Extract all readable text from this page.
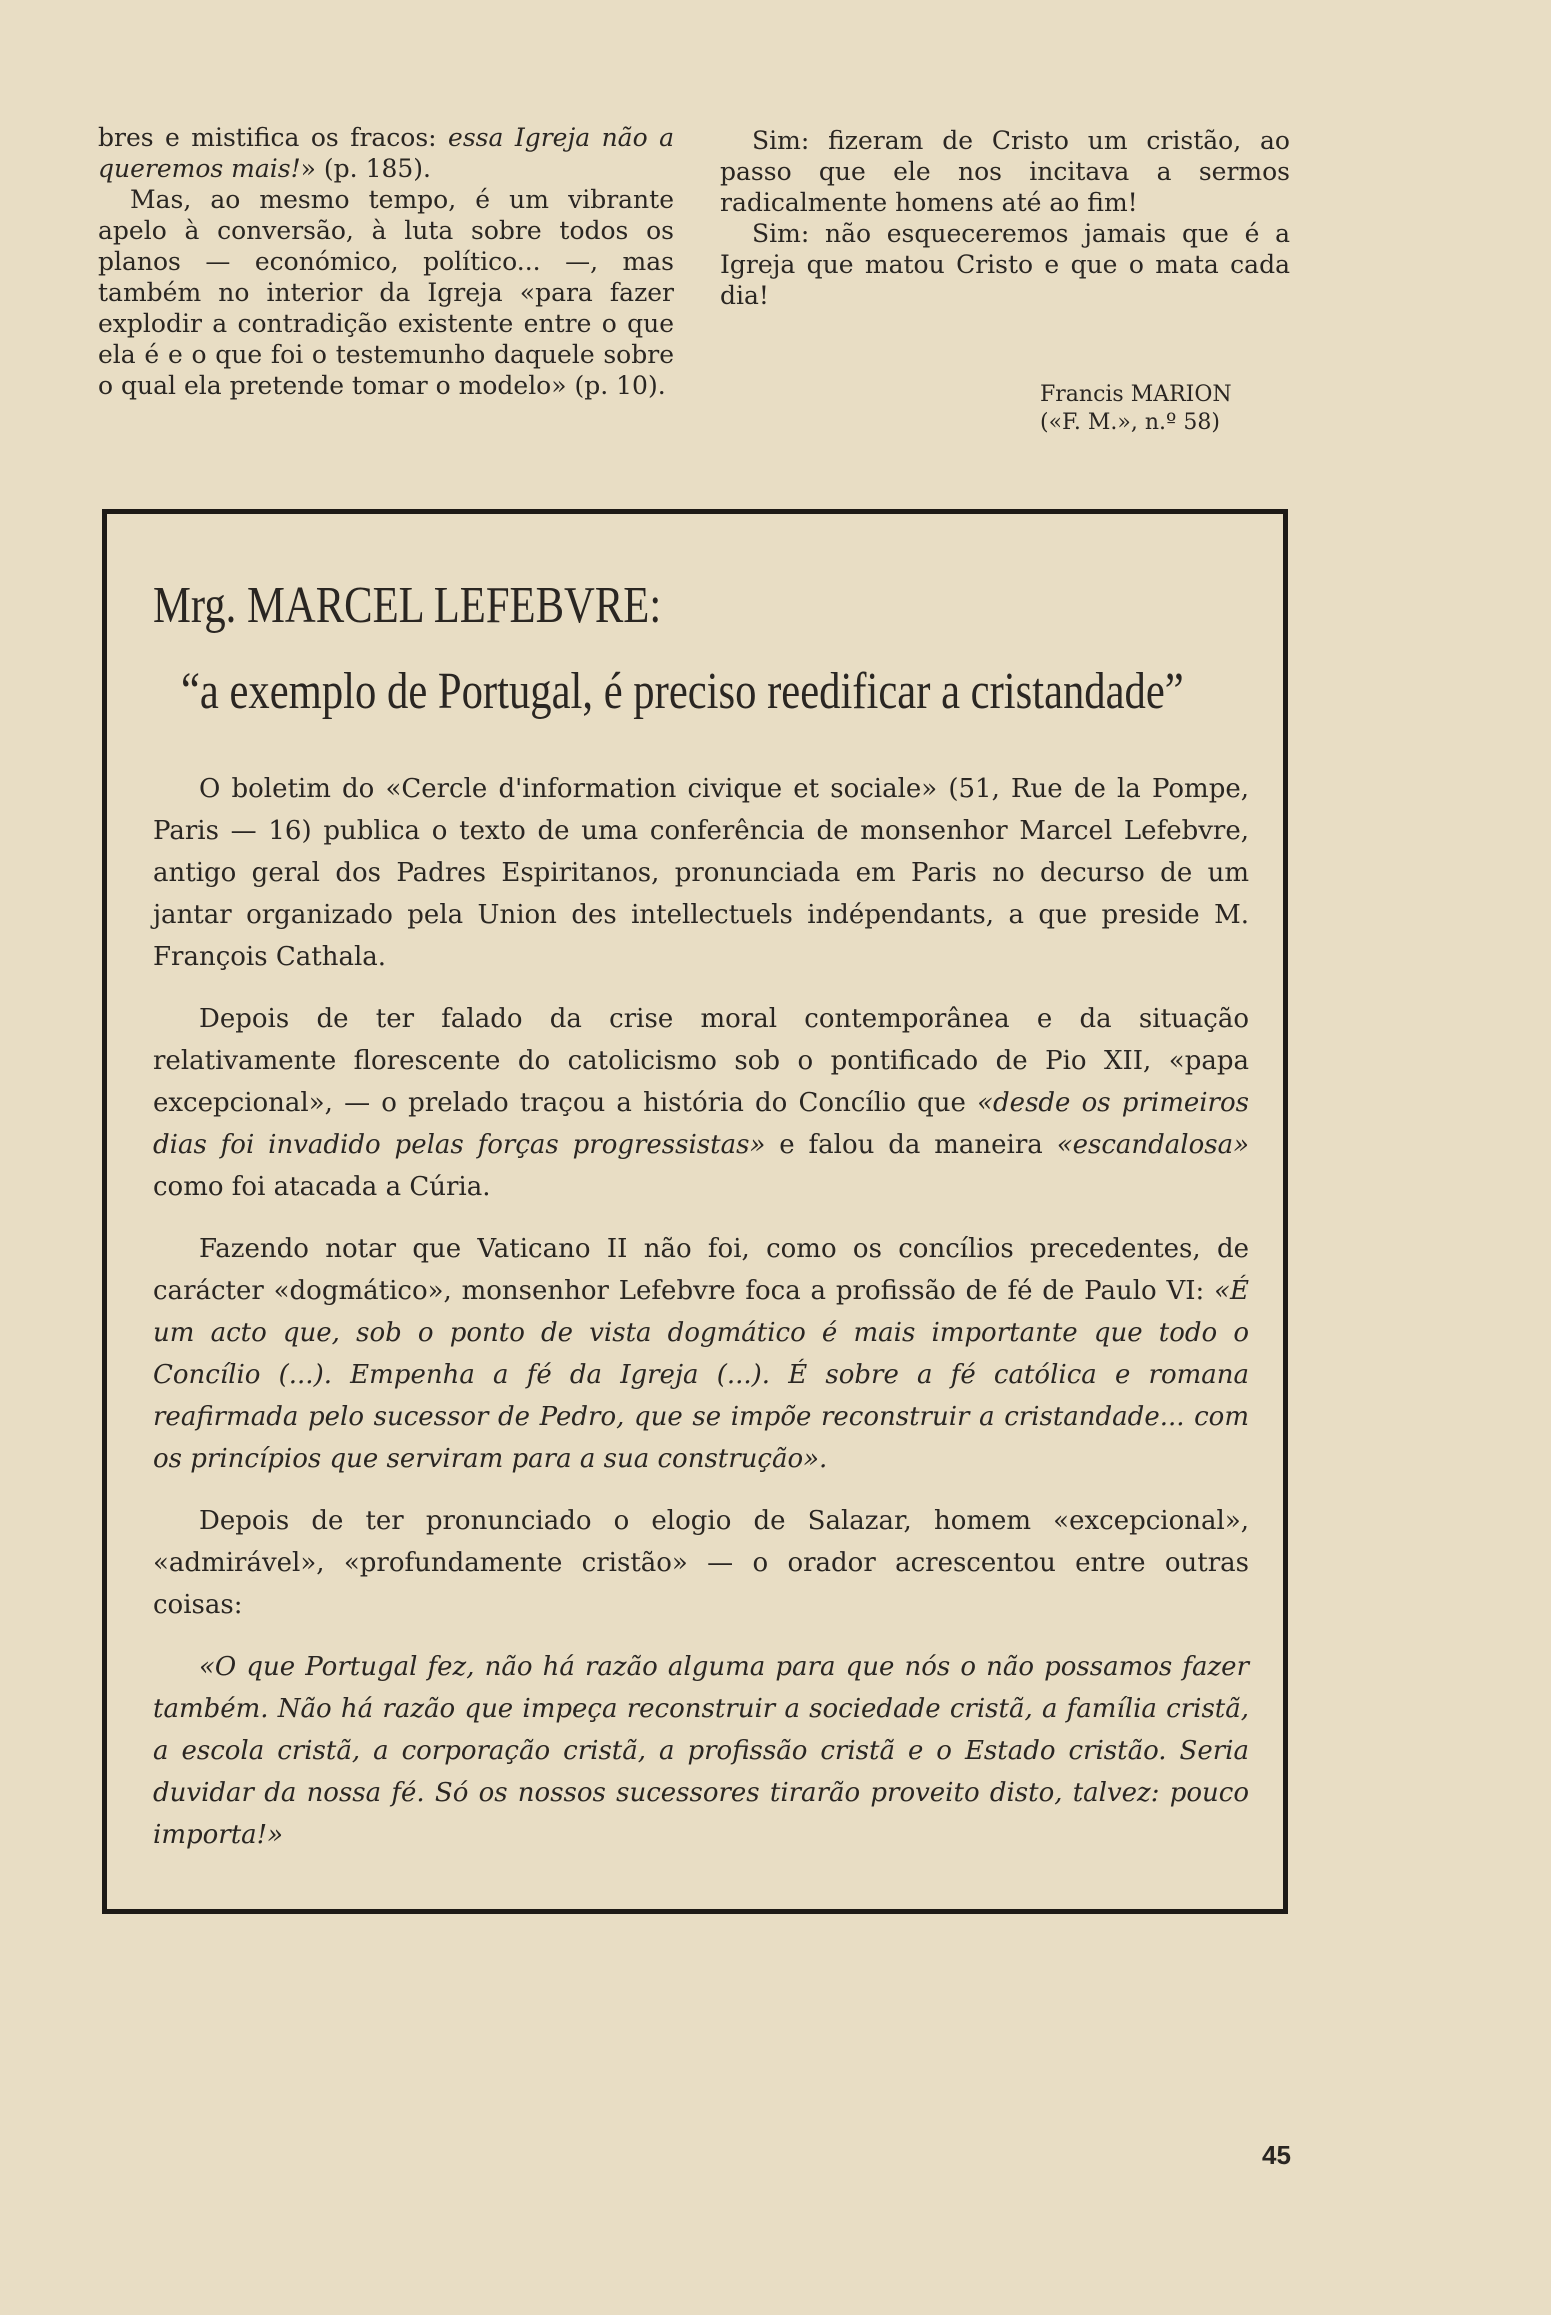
bres e mistifica os fracos: essa Igreja não a queremos mais!» (p. 185).

Mas, ao mesmo tempo, é um vibrante apelo à conversão, à luta sobre todos os planos — económico, político... —, mas também no interior da Igreja «para fazer explodir a contradição existente entre o que ela é e o que foi o testemunho daquele sobre o qual ela pretende tomar o modelo» (p. 10).

Sim: fizeram de Cristo um cristão, ao passo que ele nos incitava a sermos radicalmente homens até ao fim!

Sim: não esqueceremos jamais que é a Igreja que matou Cristo e que o mata cada dia!

Francis MARION
(«F. M.», n.º 58)
Mrg. MARCEL LEFEBVRE:
“a exemplo de Portugal, é preciso reedificar a cristandade”

O boletim do «Cercle d'information civique et sociale» (51, Rue de la Pompe, Paris — 16) publica o texto de uma conferência de monsenhor Marcel Lefebvre, antigo geral dos Padres Espiritanos, pronunciada em Paris no decurso de um jantar organizado pela Union des intellectuels indépendants, a que preside M. François Cathala.

Depois de ter falado da crise moral contemporânea e da situação relativamente florescente do catolicismo sob o pontificado de Pio XII, «papa excepcional», — o prelado traçou a história do Concílio que «desde os primeiros dias foi invadido pelas forças progressistas» e falou da maneira «escandalosa» como foi atacada a Cúria.

Fazendo notar que Vaticano II não foi, como os concílios precedentes, de carácter «dogmático», monsenhor Lefebvre foca a profissão de fé de Paulo VI: «É um acto que, sob o ponto de vista dogmático é mais importante que todo o Concílio (...). Empenha a fé da Igreja (...). É sobre a fé católica e romana reafirmada pelo sucessor de Pedro, que se impõe reconstruir a cristandade... com os princípios que serviram para a sua construção».

Depois de ter pronunciado o elogio de Salazar, homem «excepcional», «admirável», «profundamente cristão» — o orador acrescentou entre outras coisas:

«O que Portugal fez, não há razão alguma para que nós o não possamos fazer também. Não há razão que impeça reconstruir a sociedade cristã, a família cristã, a escola cristã, a corporação cristã, a profissão cristã e o Estado cristão. Seria duvidar da nossa fé. Só os nossos sucessores tirarão proveito disto, talvez: pouco importa!»

45
